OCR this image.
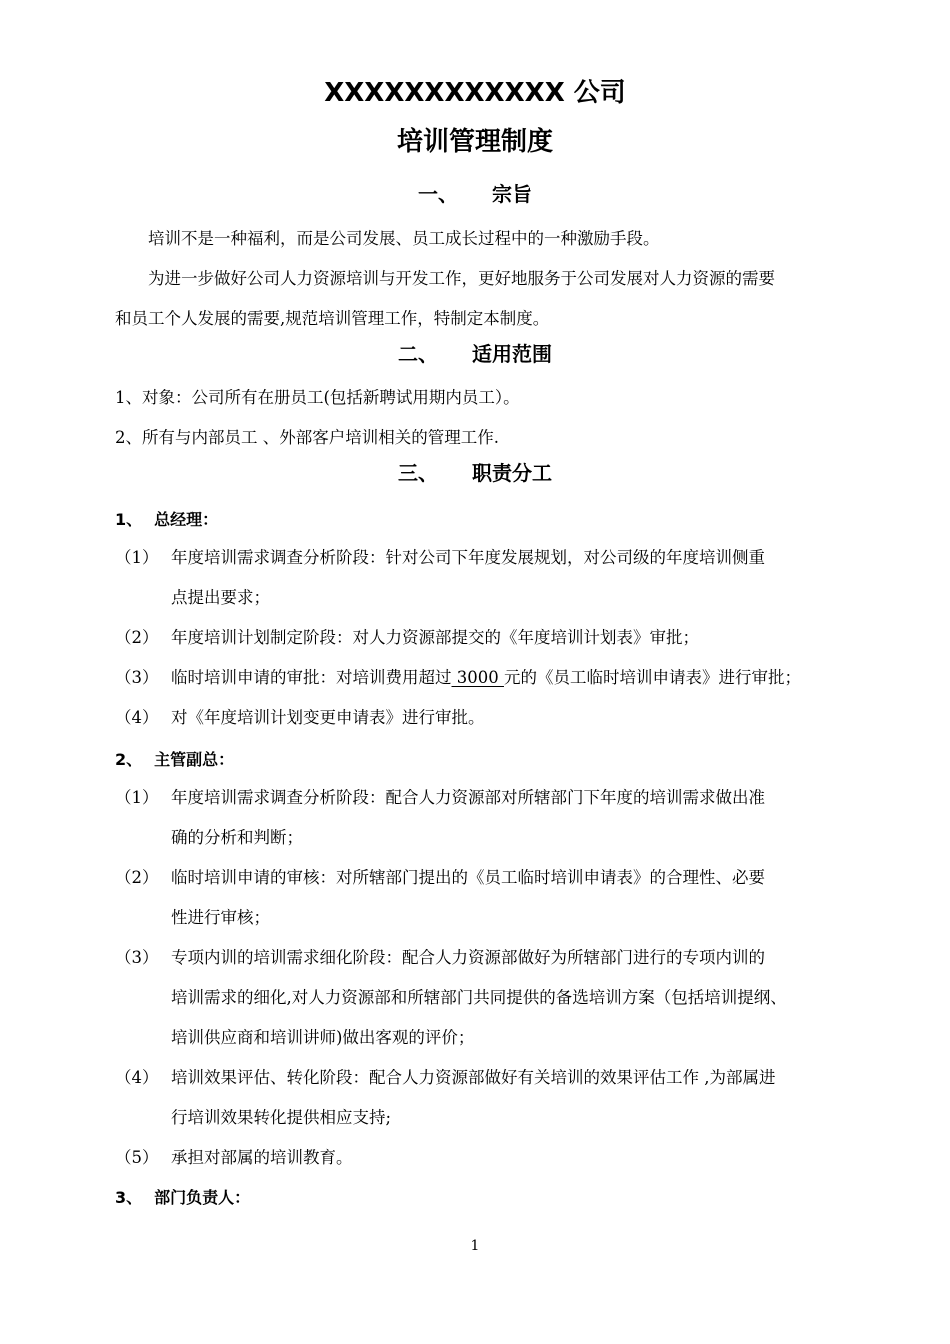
XXXXXXXXXXXX 公司
培训管理制度
一、 宗旨
培训不是一种福利，而是公司发展、员工成长过程中的一种激励手段。
为进一步做好公司人力资源培训与开发工作，更好地服务于公司发展对人力资源的需要
和员工个人发展的需要,规范培训管理工作，特制定本制度。
二、 适用范围
1、对象：公司所有在册员工(包括新聘试用期内员工）。
2、所有与内部员工 、外部客户培训相关的管理工作.
三、 职责分工
1、 总经理：
（1） 年度培训需求调查分析阶段：针对公司下年度发展规划，对公司级的年度培训侧重
点提出要求；
（2） 年度培训计划制定阶段：对人力资源部提交的《年度培训计划表》审批；
（3） 临时培训申请的审批：对培训费用超过 3000 元的《员工临时培训申请表》进行审批；
（4） 对《年度培训计划变更申请表》进行审批。
2、 主管副总：
（1） 年度培训需求调查分析阶段：配合人力资源部对所辖部门下年度的培训需求做出准
确的分析和判断；
（2） 临时培训申请的审核：对所辖部门提出的《员工临时培训申请表》的合理性、必要
性进行审核；
（3） 专项内训的培训需求细化阶段：配合人力资源部做好为所辖部门进行的专项内训的
培训需求的细化,对人力资源部和所辖部门共同提供的备选培训方案（包括培训提纲、
培训供应商和培训讲师)做出客观的评价；
（4） 培训效果评估、转化阶段：配合人力资源部做好有关培训的效果评估工作 ,为部属进
行培训效果转化提供相应支持;
（5） 承担对部属的培训教育。
3、 部门负责人：
1
